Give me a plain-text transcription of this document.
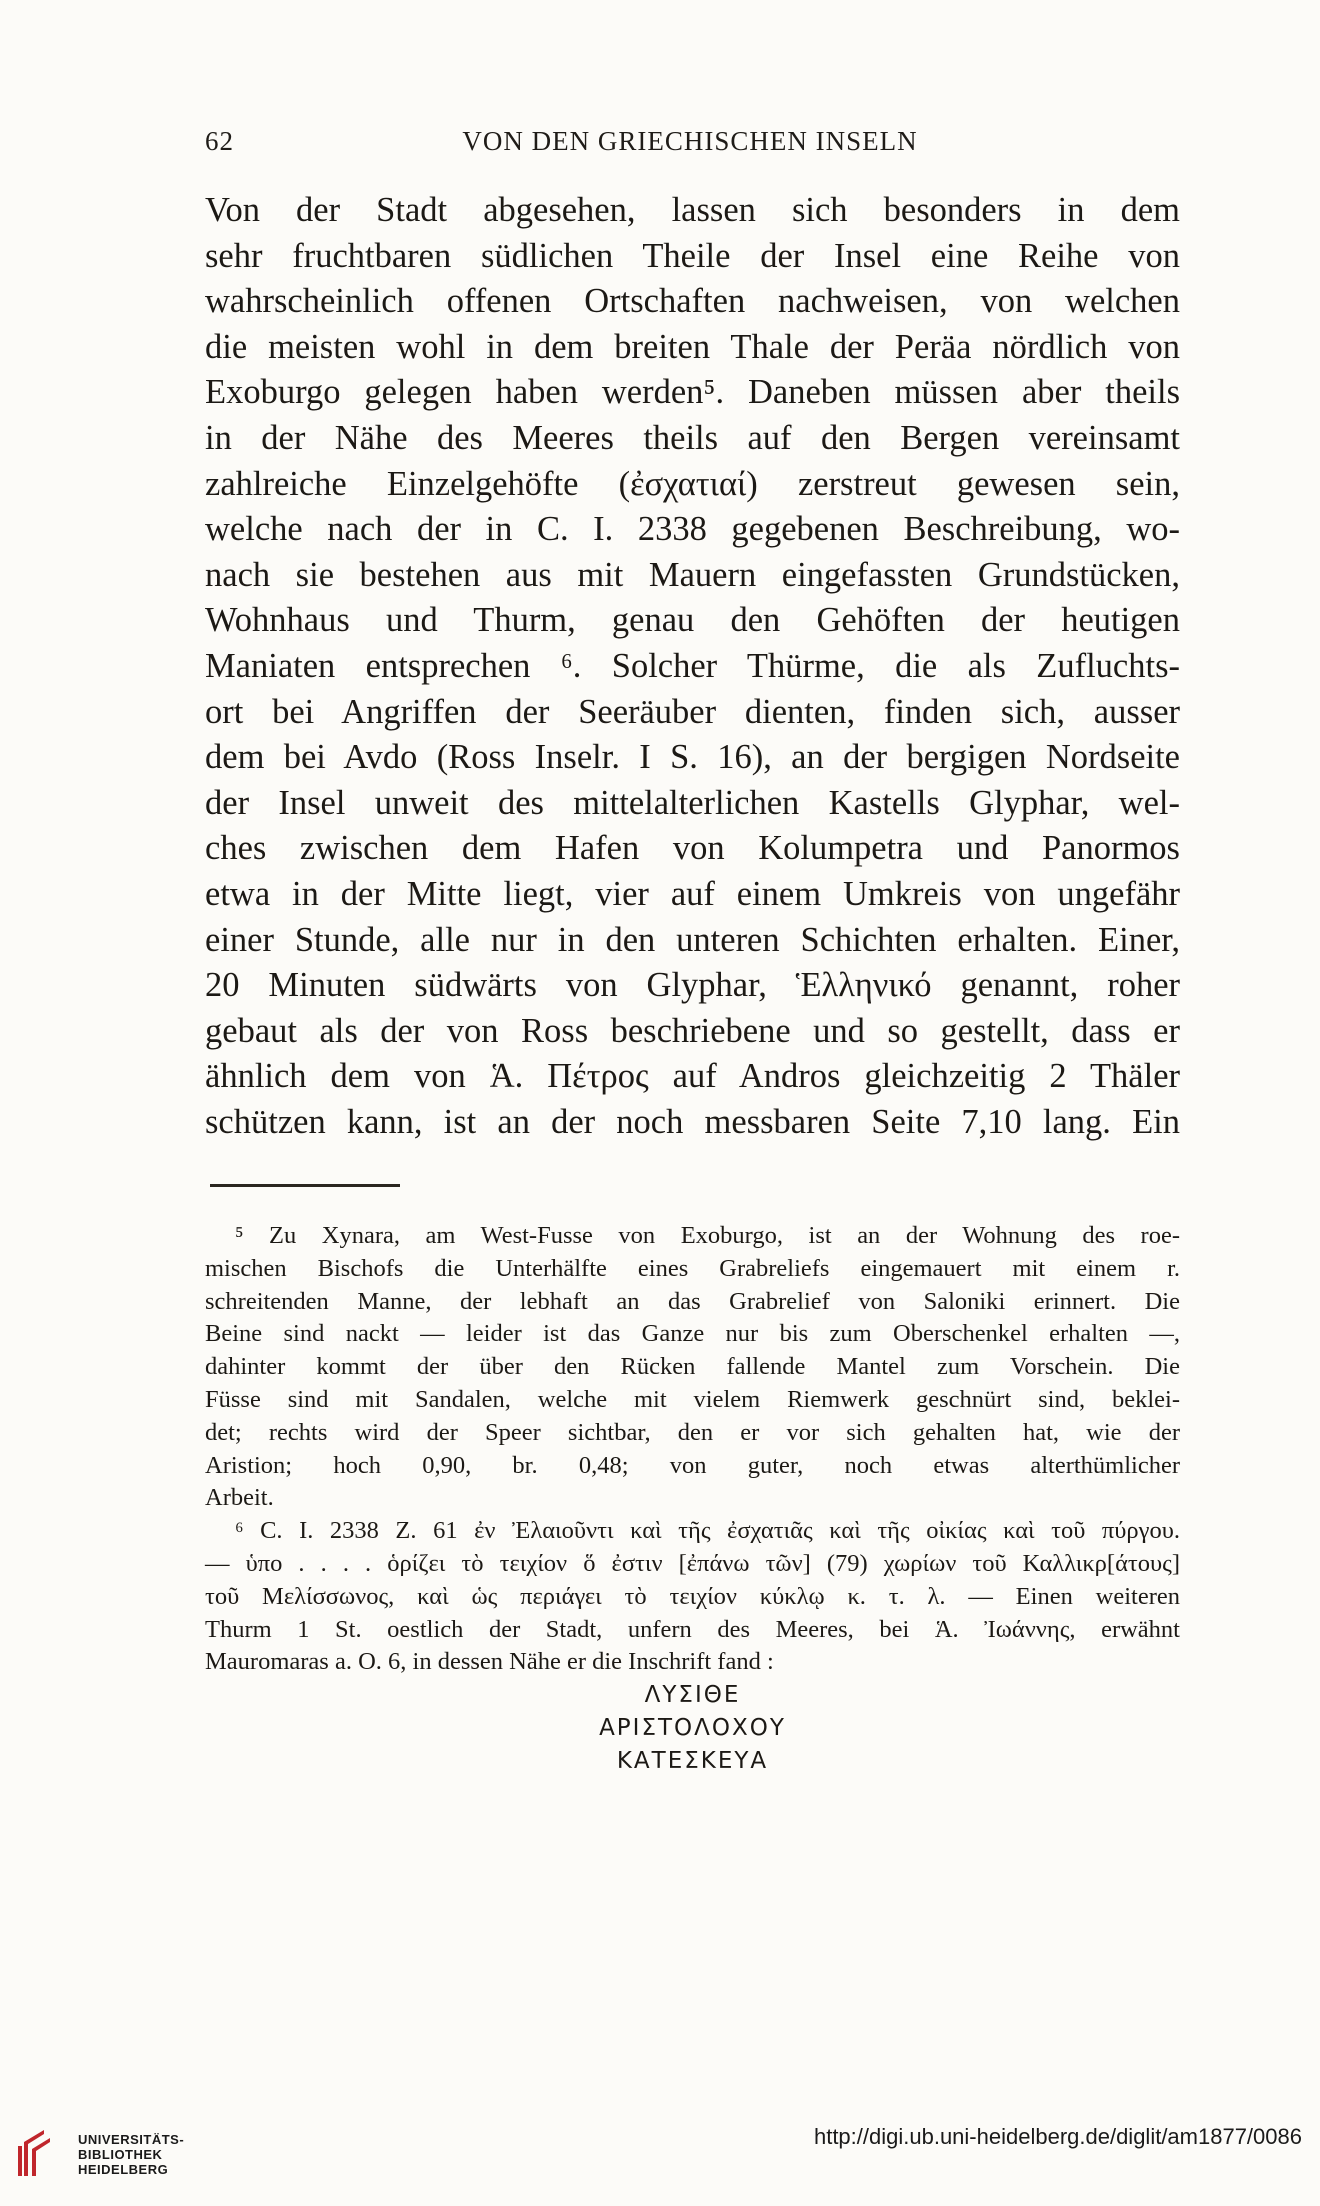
62	VON DEN GRIECHISCHEN INSELN
Von der Stadt abgesehen, lassen sich besonders in dem
sehr fruchtbaren südlichen Theile der Insel eine Reihe von
wahrscheinlich offenen Ortschaften nachweisen, von welchen
die meisten wohl in dem breiten Thale der Peräa nördlich von
Exoburgo gelegen haben werden⁵. Daneben müssen aber theils
in der Nähe des Meeres theils auf den Bergen vereinsamt
zahlreiche Einzelgehöfte (ἐσχατιαί) zerstreut gewesen sein,
welche nach der in C. I. 2338 gegebenen Beschreibung, wo-
nach sie bestehen aus mit Mauern eingefassten Grundstücken,
Wohnhaus und Thurm, genau den Gehöften der heutigen
Maniaten entsprechen ⁶. Solcher Thürme, die als Zufluchts-
ort bei Angriffen der Seeräuber dienten, finden sich, ausser
dem bei Avdo (Ross Inselr. I S. 16), an der bergigen Nordseite
der Insel unweit des mittelalterlichen Kastells Glyphar, wel-
ches zwischen dem Hafen von Kolumpetra und Panormos
etwa in der Mitte liegt, vier auf einem Umkreis von ungefähr
einer Stunde, alle nur in den unteren Schichten erhalten. Einer,
20 Minuten südwärts von Glyphar, Ἑλληνικό genannt, roher
gebaut als der von Ross beschriebene und so gestellt, dass er
ähnlich dem von Ἁ. Πέτρος auf Andros gleichzeitig 2 Thäler
schützen kann, ist an der noch messbaren Seite 7,10 lang. Ein
⁵ Zu Xynara, am West-Fusse von Exoburgo, ist an der Wohnung des roe-
mischen Bischofs die Unterhälfte eines Grabreliefs eingemauert mit einem r.
schreitenden Manne, der lebhaft an das Grabrelief von Saloniki erinnert. Die
Beine sind nackt — leider ist das Ganze nur bis zum Oberschenkel erhalten —,
dahinter kommt der über den Rücken fallende Mantel zum Vorschein. Die
Füsse sind mit Sandalen, welche mit vielem Riemwerk geschnürt sind, beklei-
det; rechts wird der Speer sichtbar, den er vor sich gehalten hat, wie der
Aristion; hoch 0,90, br. 0,48; von guter, noch etwas alterthümlicher
Arbeit.
⁶ C. I. 2338 Z. 61 ἐν Ἐλαιοῦντι καὶ τῆς ἐσχατιᾶς καὶ τῆς οἰκίας καὶ τοῦ πύργου.
— ὑπο . . . . ὁρίζει τὸ τειχίον ὅ ἐστιν [ἐπάνω τῶν] (79) χωρίων τοῦ Καλλικρ[άτους]
τοῦ Μελίσσωνος, καὶ ὡς περιάγει τὸ τειχίον κύκλῳ κ. τ. λ. — Einen weiteren
Thurm 1 St. oestlich der Stadt, unfern des Meeres, bei Ἁ. Ἰωάννης, erwähnt
Mauromaras a. O. 6, in dessen Nähe er die Inschrift fand :
ΛΥΣΙΘΕ
ΑΡΙΣΤΟΛΟΧΟΥ
ΚΑΤΕΣΚΕΥΑ
UNIVERSITÄTS-
BIBLIOTHEK
HEIDELBERG
http://digi.ub.uni-heidelberg.de/diglit/am1877/0086
